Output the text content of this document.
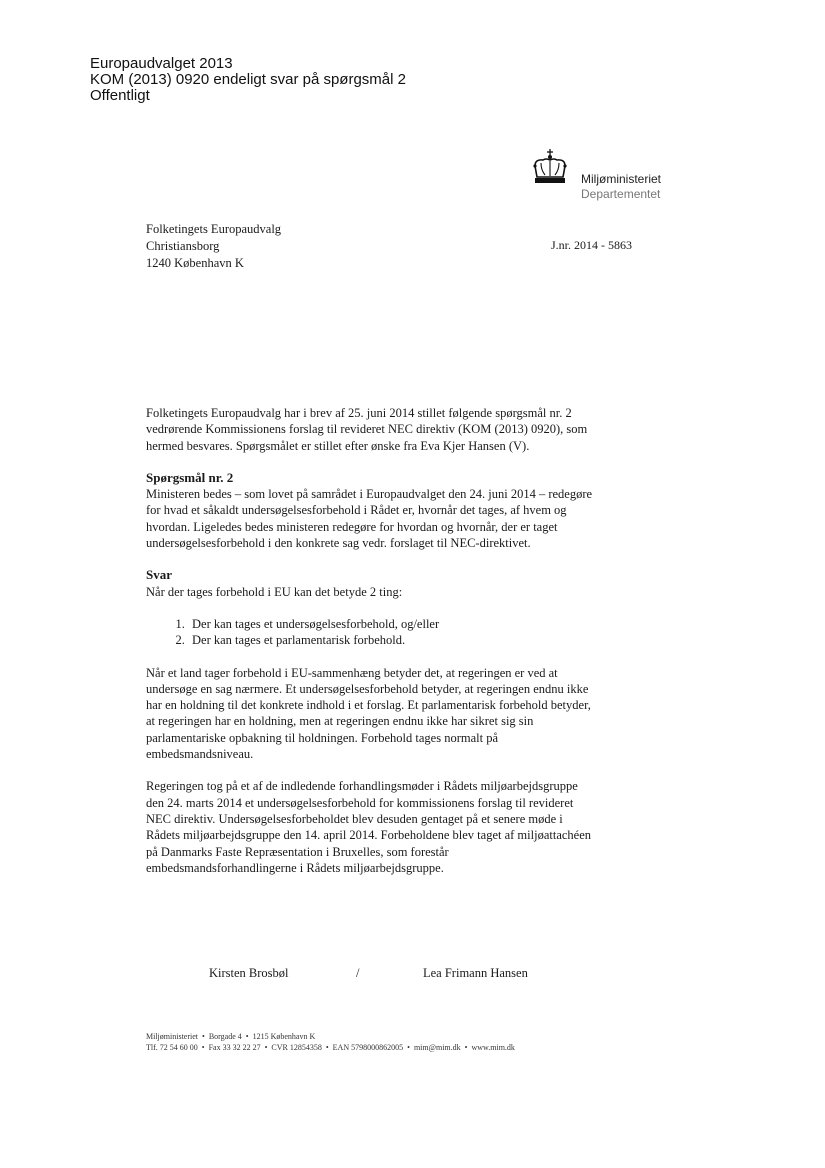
Europaudvalget 2013
KOM (2013) 0920 endeligt svar på spørgsmål 2
Offentligt
Miljøministeriet
Departementet
Folketingets Europaudvalg
Christiansborg
1240 København K
J.nr. 2014 - 5863

Folketingets Europaudvalg har i brev af 25. juni 2014 stillet følgende spørgsmål nr. 2 vedrørende Kommissionens forslag til revideret NEC direktiv (KOM (2013) 0920), som hermed besvares. Spørgsmålet er stillet efter ønske fra Eva Kjer Hansen (V).

Spørgsmål nr. 2

Ministeren bedes – som lovet på samrådet i Europaudvalget den 24. juni 2014 – redegøre for hvad et såkaldt undersøgelsesforbehold i Rådet er, hvornår det tages, af hvem og hvordan. Ligeledes bedes ministeren redegøre for hvordan og hvornår, der er taget undersøgelsesforbehold i den konkrete sag vedr. forslaget til NEC-direktivet.

Svar

Når der tages forbehold i EU kan det betyde 2 ting:

1. Der kan tages et undersøgelsesforbehold, og/eller
2. Der kan tages et parlamentarisk forbehold.

Når et land tager forbehold i EU-sammenhæng betyder det, at regeringen er ved at undersøge en sag nærmere. Et undersøgelsesforbehold betyder, at regeringen endnu ikke har en holdning til det konkrete indhold i et forslag. Et parlamentarisk forbehold betyder, at regeringen har en holdning, men at regeringen endnu ikke har sikret sig sin parlamentariske opbakning til holdningen. Forbehold tages normalt på embedsmandsniveau.

Regeringen tog på et af de indledende forhandlingsmøder i Rådets miljøarbejdsgruppe den 24. marts 2014 et undersøgelsesforbehold for kommissionens forslag til revideret NEC direktiv. Undersøgelsesforbeholdet blev desuden gentaget på et senere møde i Rådets miljøarbejdsgruppe den 14. april 2014. Forbeholdene blev taget af miljøattachéen på Danmarks Faste Repræsentation i Bruxelles, som forestår embedsmandsforhandlingerne i Rådets miljøarbejdsgruppe.

Kirsten Brosbøl	/	Lea Frimann Hansen
Miljøministeriet • Borgade 4 • 1215 København K
Tlf. 72 54 60 00 • Fax 33 32 22 27 • CVR 12854358 • EAN 5798000862005 • mim@mim.dk • www.mim.dk
